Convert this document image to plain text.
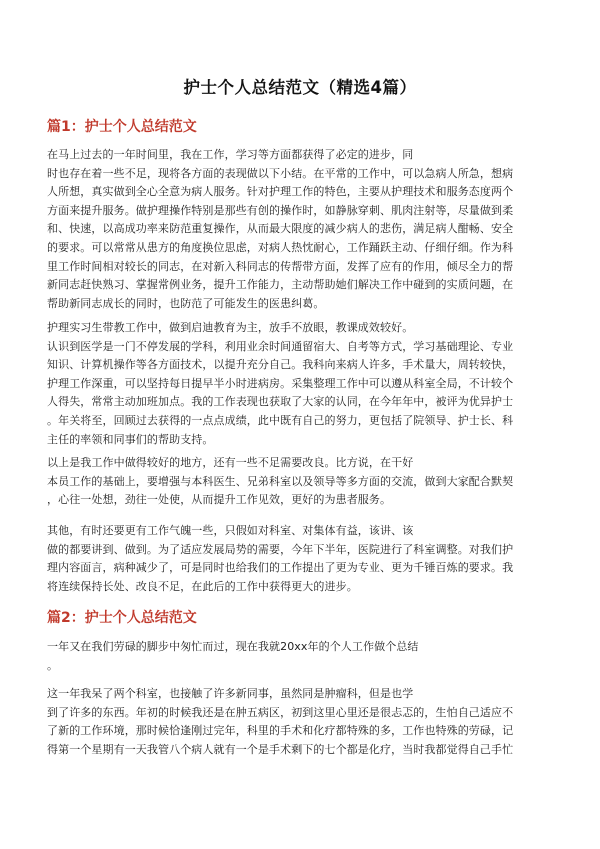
护士个人总结范文（精选4篇）
篇1：护士个人总结范文

在马上过去的一年时间里，我在工作，学习等方面都获得了必定的进步，同
时也存在着一些不足，现将各方面的表现做以下小结。在平常的工作中，可以急病人所急，想病
人所想，真实做到全心全意为病人服务。针对护理工作的特色，主要从护理技术和服务态度两个
方面来提升服务。做护理操作特别是那些有创的操作时，如静脉穿刺、肌肉注射等，尽量做到柔
和、快速，以高成功率来防范重复操作，从而最大限度的减少病人的悲伤，满足病人酣畅、安全
的要求。可以常常从患方的角度换位思虑，对病人热忱耐心，工作踊跃主动、仔细仔细。作为科
里工作时间相对较长的同志，在对新入科同志的传帮带方面，发挥了应有的作用，倾尽全力的帮
新同志赶快熟习、掌握常例业务，提升工作能力，主动帮助她们解决工作中碰到的实质问题，在
帮助新同志成长的同时，也防范了可能发生的医患纠葛。

护理实习生带教工作中，做到启迪教育为主，放手不放眼，教课成效较好。
认识到医学是一门不停发展的学科，利用业余时间通留宿大、自考等方式，学习基础理论、专业
知识、计算机操作等各方面技术，以提升充分自己。我科向来病人许多，手术量大，周转较快，
护理工作深重，可以坚持每日提早半小时进病房。采集整理工作中可以遵从科室全局，不计较个
人得失，常常主动加班加点。我的工作表现也获取了大家的认同，在今年年中，被评为优异护士
。年关将至，回顾过去获得的一点点成绩，此中既有自己的努力，更包括了院领导、护士长、科
主任的率领和同事们的帮助支持。

以上是我工作中做得较好的地方，还有一些不足需要改良。比方说，在干好
本员工作的基础上，要增强与本科医生、兄弟科室以及领导等多方面的交流，做到大家配合默契
，心往一处想，劲往一处使，从而提升工作见效，更好的为患者服务。

其他，有时还要更有工作气魄一些，只假如对科室、对集体有益，该讲、该
做的都要讲到、做到。为了适应发展局势的需要，今年下半年，医院进行了科室调整。对我们护
理内容面言，病种减少了，可是同时也给我们的工作提出了更为专业、更为千锤百炼的要求。我
将连续保持长处、改良不足，在此后的工作中获得更大的进步。

篇2：护士个人总结范文

一年又在我们劳碌的脚步中匆忙而过，现在我就20xx年的个人工作做个总结
。

这一年我呆了两个科室，也接触了许多新同事，虽然同是肿瘤科，但是也学
到了许多的东西。年初的时候我还是在肿五病区，初到这里心里还是很忐忑的，生怕自己适应不
了新的工作环境，那时候恰逢刚过完年，科里的手术和化疗都特殊的多，工作也特殊的劳碌，记
得第一个星期有一天我管八个病人就有一个是手术剩下的七个都是化疗，当时我都觉得自己手忙
